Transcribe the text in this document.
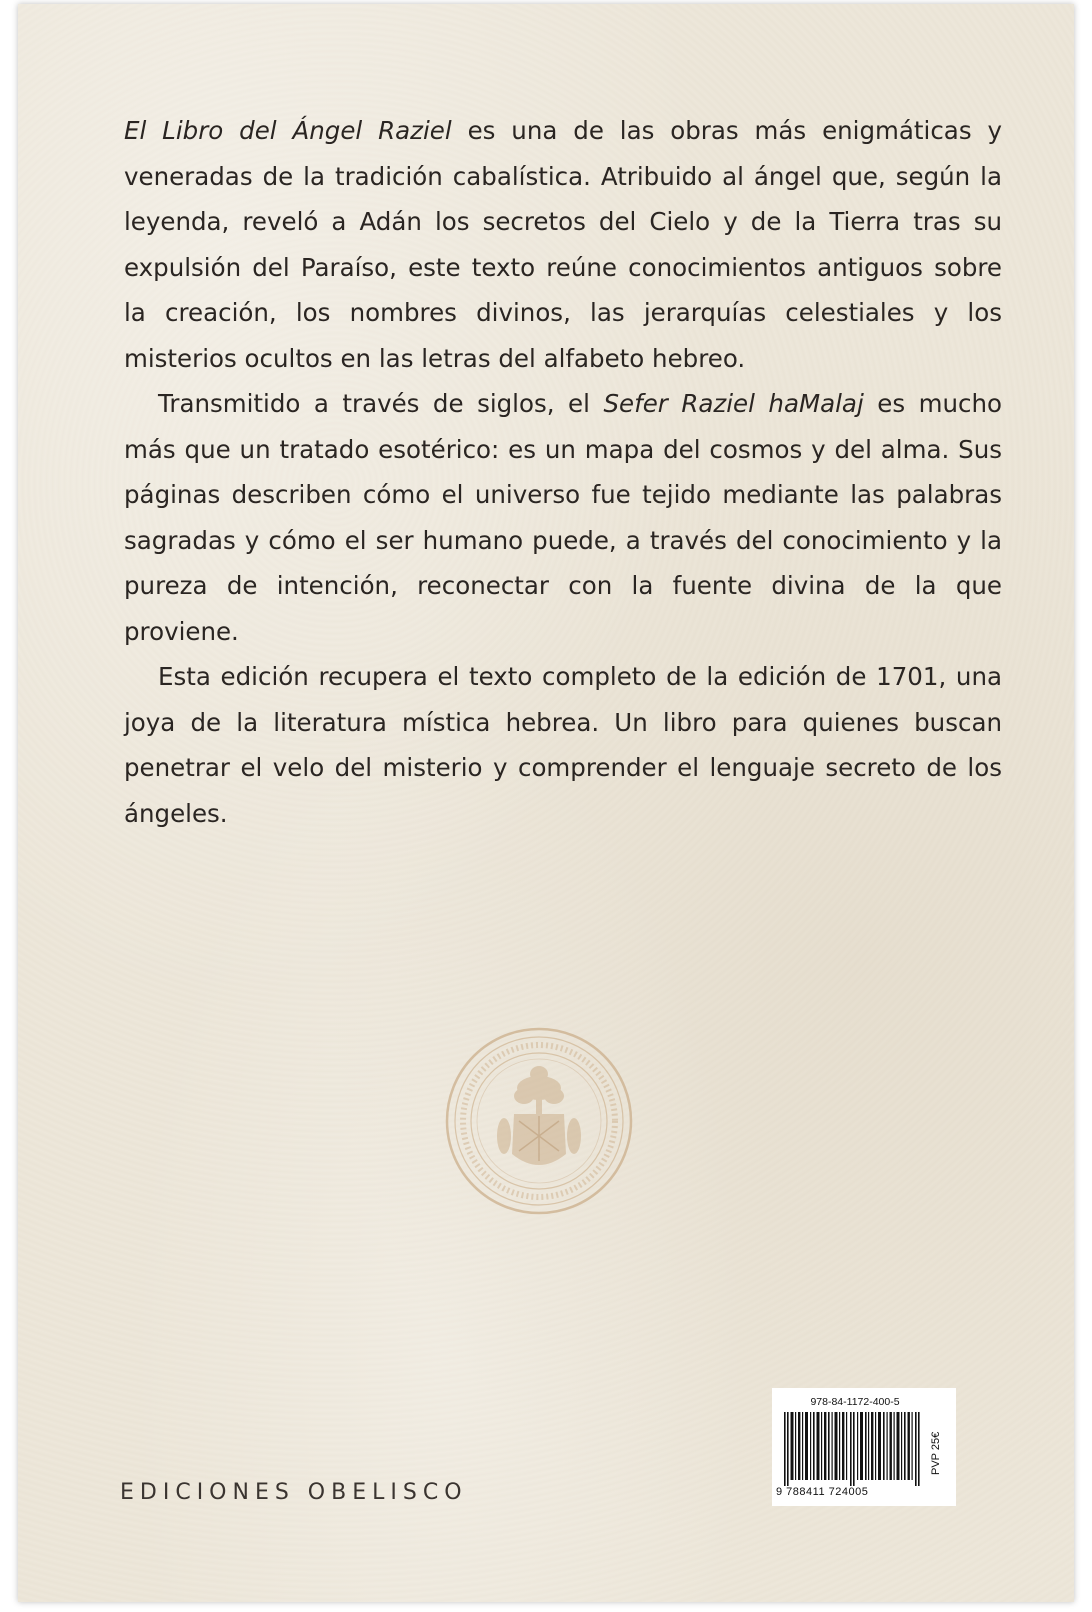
El Libro del Ángel Raziel es una de las obras más enigmáticas y veneradas de la tradición cabalística. Atribuido al ángel que, según la leyenda, reveló a Adán los secretos del Cielo y de la Tierra tras su expulsión del Paraíso, este texto reúne conocimientos antiguos sobre la creación, los nombres divinos, las jerarquías celestiales y los misterios ocultos en las letras del alfabeto hebreo.

Transmitido a través de siglos, el Sefer Raziel haMalaj es mucho más que un tratado esotérico: es un mapa del cosmos y del alma. Sus páginas describen cómo el universo fue tejido mediante las palabras sagradas y cómo el ser humano puede, a través del conocimiento y la pureza de intención, reconectar con la fuente divina de la que proviene.

Esta edición recupera el texto completo de la edición de 1701, una joya de la literatura mística hebrea. Un libro para quienes buscan penetrar el velo del misterio y comprender el lenguaje secreto de los ángeles.

EDICIONES OBELISCO
978-84-1172-400-5
9 788411 724005
PVP 25€
